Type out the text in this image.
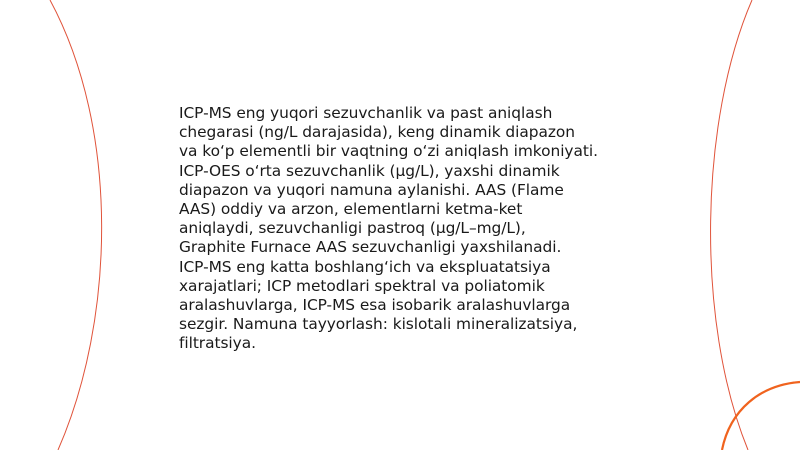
ICP-MS eng yuqori sezuvchanlik va past aniqlash
chegarasi (ng/L darajasida), keng dinamik diapazon
va ko‘p elementli bir vaqtning o‘zi aniqlash imkoniyati.
ICP-OES o‘rta sezuvchanlik (µg/L), yaxshi dinamik
diapazon va yuqori namuna aylanishi. AAS (Flame
AAS) oddiy va arzon, elementlarni ketma-ket
aniqlaydi, sezuvchanligi pastroq (µg/L–mg/L),
Graphite Furnace AAS sezuvchanligi yaxshilanadi.
ICP-MS eng katta boshlang‘ich va ekspluatatsiya
xarajatlari; ICP metodlari spektral va poliatomik
aralashuvlarga, ICP-MS esa isobarik aralashuvlarga
sezgir. Namuna tayyorlash: kislotali mineralizatsiya,
filtratsiya.
